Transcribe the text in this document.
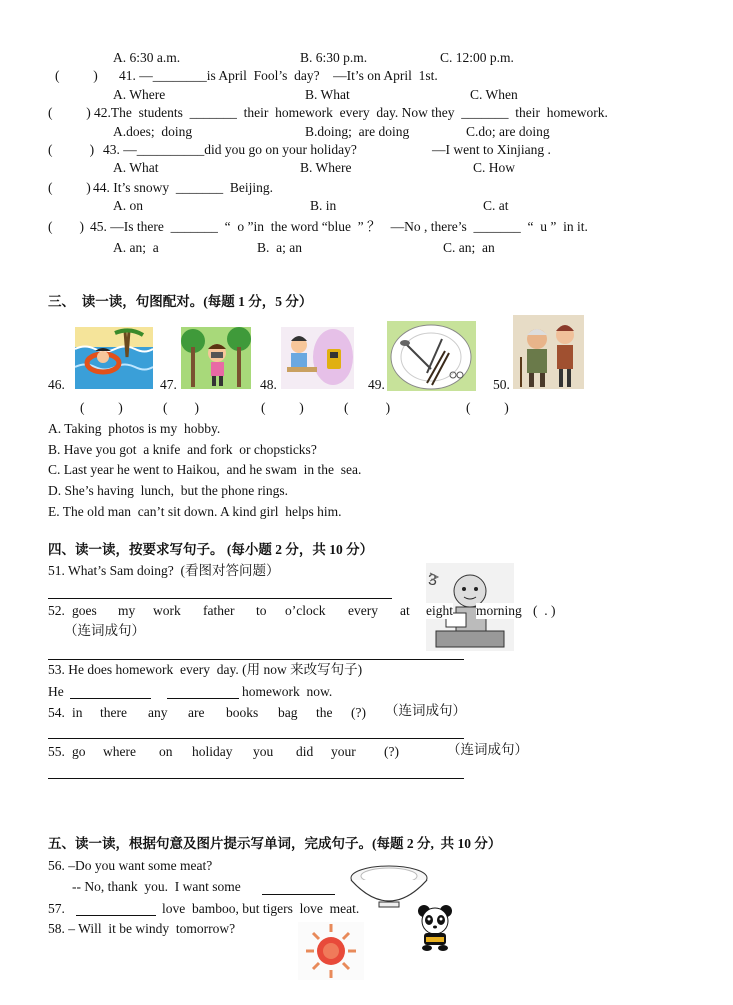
A. 6:30 a.m.	B. 6:30 p.m.	C. 12:00 p.m.
(          ) 41. —________is April  Fool’s  day?    —It’s on April  1st.
A. Where	B. What	C. When
(          ) 42.The  students  _______  their  homework  every  day. Now they  _______  their  homework.
A.does;  doing	B.doing;  are doing	C.do; are doing
(           ) 43. —__________did you go on your holiday?	—I went to Xinjiang .
A. What	B. Where	C. How
(          ) 44. It’s snowy  _______  Beijing.
A. on	B. in	C. at
(        ) 45. —Is there  _______  “  o ”in  the word “blue  ” ？   —No , there’s  _______  “  u ”  in it.
A. an;  a	B.  a; an	C. an;  an
三、  读一读，句图配对。(每题 1 分，5 分）
46.	47.	48.	49.	50.
(          )	(        )	(          )	(           )	(          )
A. Taking  photos is my  hobby.
B. Have you got  a knife  and fork  or chopsticks?
C. Last year he went to Haikou,  and he swam  in the  sea.
D. She’s having  lunch,  but the phone rings.
E. The old man  can’t sit down. A kind girl  helps him.
四、读一读，按要求写句子。 (每小题 2 分，共 10 分）
51. What’s Sam doing?  (看图对答问题）
3
52. goes my work father to o’clock every at eight morning (  . )
（连词成句）
53. He does homework  every  day. (用 now 来改写句子)
He	homework  now.
54. in there any are books bag the (?) （连词成句）
55. go where on holiday you did your (?)	（连词成句）
五、读一读，根据句意及图片提示写单词，完成句子。(每题 2 分,  共 10 分）
56. –Do you want some meat?
-- No, thank  you.  I want some
57.	love  bamboo, but tigers  love  meat.
58. – Will  it be windy  tomorrow?
